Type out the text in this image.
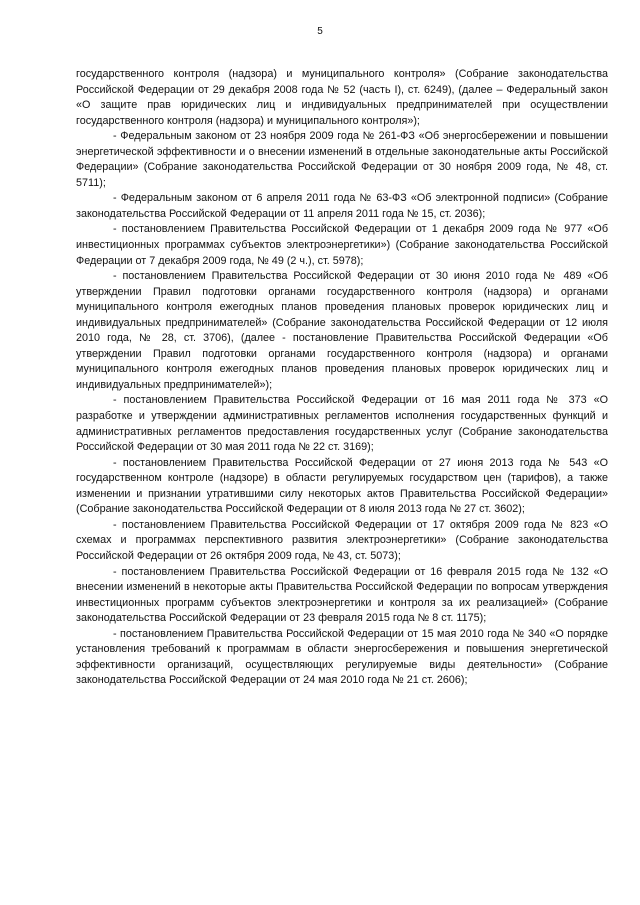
5

государственного контроля (надзора) и муниципального контроля» (Собрание законодательства Российской Федерации от 29 декабря 2008 года № 52 (часть I), ст. 6249), (далее – Федеральный закон «О защите прав юридических лиц и индивидуальных предпринимателей при осуществлении государственного контроля (надзора) и муниципального контроля»);

- Федеральным законом от 23 ноября 2009 года № 261-ФЗ «Об энергосбережении и повышении энергетической эффективности и о внесении изменений в отдельные законодательные акты Российской Федерации» (Собрание законодательства Российской Федерации от 30 ноября 2009 года, № 48, ст. 5711);

- Федеральным законом от 6 апреля 2011 года № 63-ФЗ «Об электронной подписи» (Собрание законодательства Российской Федерации от 11 апреля 2011 года № 15, ст. 2036);

- постановлением Правительства Российской Федерации от 1 декабря 2009 года № 977 «Об инвестиционных программах субъектов электроэнергетики») (Собрание законодательства Российской Федерации от 7 декабря 2009 года, № 49 (2 ч.), ст. 5978);

- постановлением Правительства Российской Федерации от 30 июня 2010 года № 489 «Об утверждении Правил подготовки органами государственного контроля (надзора) и органами муниципального контроля ежегодных планов проведения плановых проверок юридических лиц и индивидуальных предпринимателей» (Собрание законодательства Российской Федерации от 12 июля 2010 года, № 28, ст. 3706), (далее - постановление Правительства Российской Федерации «Об утверждении Правил подготовки органами государственного контроля (надзора) и органами муниципального контроля ежегодных планов проведения плановых проверок юридических лиц и индивидуальных предпринимателей»);

- постановлением Правительства Российской Федерации от 16 мая 2011 года № 373 «О разработке и утверждении административных регламентов исполнения государственных функций и административных регламентов предоставления государственных услуг (Собрание законодательства Российской Федерации от 30 мая 2011 года № 22 ст. 3169);

- постановлением Правительства Российской Федерации от 27 июня 2013 года № 543 «О государственном контроле (надзоре) в области регулируемых государством цен (тарифов), а также изменении и признании утратившими силу некоторых актов Правительства Российской Федерации» (Собрание законодательства Российской Федерации от 8 июля 2013 года № 27 ст. 3602);

- постановлением Правительства Российской Федерации от 17 октября 2009 года № 823 «О схемах и программах перспективного развития электроэнергетики» (Собрание законодательства Российской Федерации от 26 октября 2009 года, № 43, ст. 5073);

- постановлением Правительства Российской Федерации от 16 февраля 2015 года № 132 «О внесении изменений в некоторые акты Правительства Российской Федерации по вопросам утверждения инвестиционных программ субъектов электроэнергетики и контроля за их реализацией» (Собрание законодательства Российской Федерации от 23 февраля 2015 года № 8 ст. 1175);

- постановлением Правительства Российской Федерации от 15 мая 2010 года № 340 «О порядке установления требований к программам в области энергосбережения и повышения энергетической эффективности организаций, осуществляющих регулируемые виды деятельности» (Собрание законодательства Российской Федерации от 24 мая 2010 года № 21 ст. 2606);
